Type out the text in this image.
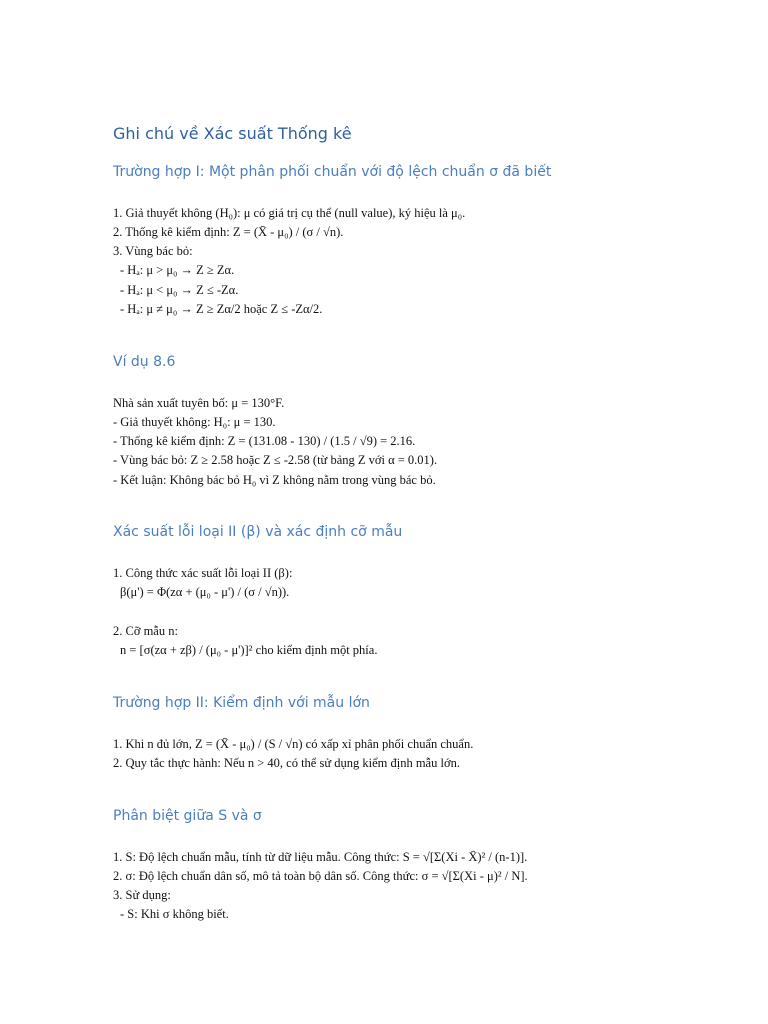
Ghi chú về Xác suất Thống kê
Trường hợp I: Một phân phối chuẩn với độ lệch chuẩn σ đã biết
1. Giả thuyết không (H₀): μ có giá trị cụ thể (null value), ký hiệu là μ₀.
2. Thống kê kiểm định: Z = (X̄ - μ₀) / (σ / √n).
3. Vùng bác bỏ:
- Hₐ: μ > μ₀ → Z ≥ Zα.
- Hₐ: μ < μ₀ → Z ≤ -Zα.
- Hₐ: μ ≠ μ₀ → Z ≥ Zα/2 hoặc Z ≤ -Zα/2.
Ví dụ 8.6
Nhà sản xuất tuyên bố: μ = 130°F.
- Giả thuyết không: H₀: μ = 130.
- Thống kê kiểm định: Z = (131.08 - 130) / (1.5 / √9) = 2.16.
- Vùng bác bỏ: Z ≥ 2.58 hoặc Z ≤ -2.58 (từ bảng Z với α = 0.01).
- Kết luận: Không bác bỏ H₀ vì Z không nằm trong vùng bác bỏ.
Xác suất lỗi loại II (β) và xác định cỡ mẫu
1. Công thức xác suất lỗi loại II (β):
β(μ') = Φ(zα + (μ₀ - μ') / (σ / √n)).
2. Cỡ mẫu n:
n = [σ(zα + zβ) / (μ₀ - μ')]² cho kiểm định một phía.
Trường hợp II: Kiểm định với mẫu lớn
1. Khi n đủ lớn, Z = (X̄ - μ₀) / (S / √n) có xấp xỉ phân phối chuẩn chuẩn.
2. Quy tắc thực hành: Nếu n > 40, có thể sử dụng kiểm định mẫu lớn.
Phân biệt giữa S và σ
1. S: Độ lệch chuẩn mẫu, tính từ dữ liệu mẫu. Công thức: S = √[Σ(Xi - X̄)² / (n-1)].
2. σ: Độ lệch chuẩn dân số, mô tả toàn bộ dân số. Công thức: σ = √[Σ(Xi - μ)² / N].
3. Sử dụng:
- S: Khi σ không biết.
